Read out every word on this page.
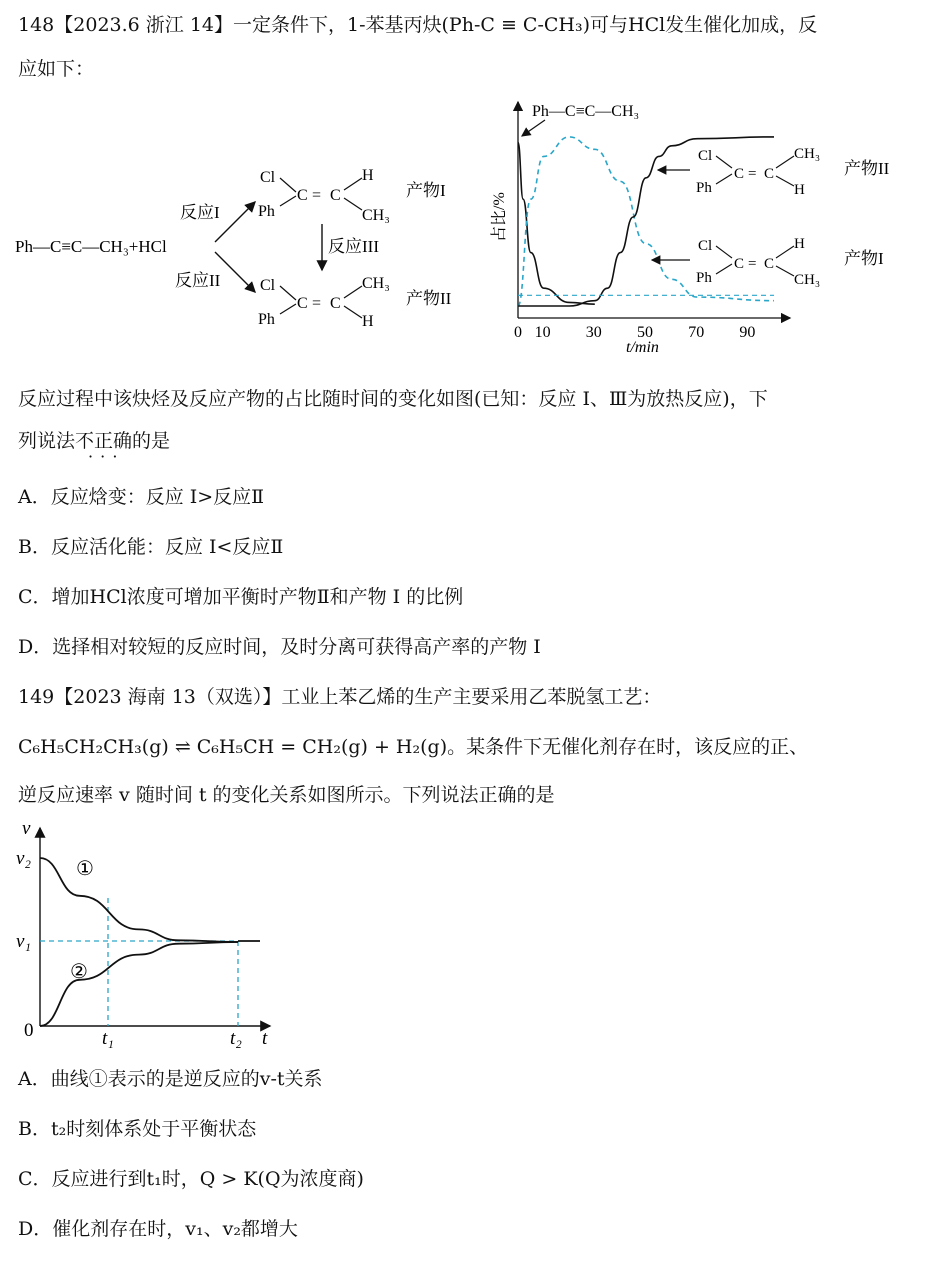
148【2023.6 浙江 14】一定条件下，1-苯基丙炔(Ph-C ≡ C-CH₃)可与HCl发生催化加成，反
应如下：
Ph—C≡C—CH₃+HCl
反应I
反应II
Cl
Ph
C = C
H
CH₃
产物I
反应III
Cl
Ph
C = C
CH₃
H
产物II
占比/%
t/min
0 10 30 50 70 90
Ph—C≡C—CH₃
Cl
Ph
C = C
CH₃
H
产物II
Cl
Ph
C = C
H
CH₃
产物I
反应过程中该炔烃及反应产物的占比随时间的变化如图(已知：反应 I、Ⅲ为放热反应)，下
列说法不正确的是 · · ·
A．反应焓变：反应 I>反应Ⅱ
B．反应活化能：反应 I<反应Ⅱ
C．增加HCl浓度可增加平衡时产物Ⅱ和产物 I 的比例
D．选择相对较短的反应时间，及时分离可获得高产率的产物 I
149【2023 海南 13（双选）】工业上苯乙烯的生产主要采用乙苯脱氢工艺：
C₆H₅CH₂CH₃(g) ⇌ C₆H₅CH = CH₂(g) + H₂(g)。某条件下无催化剂存在时，该反应的正、
逆反应速率 v 随时间 t 的变化关系如图所示。下列说法正确的是
v
t
0
v₂
v₁
t₁	t₂
①
②
A．曲线①表示的是逆反应的v-t关系
B．t₂时刻体系处于平衡状态
C．反应进行到t₁时，Q > K(Q为浓度商)
D．催化剂存在时，v₁、v₂都增大
